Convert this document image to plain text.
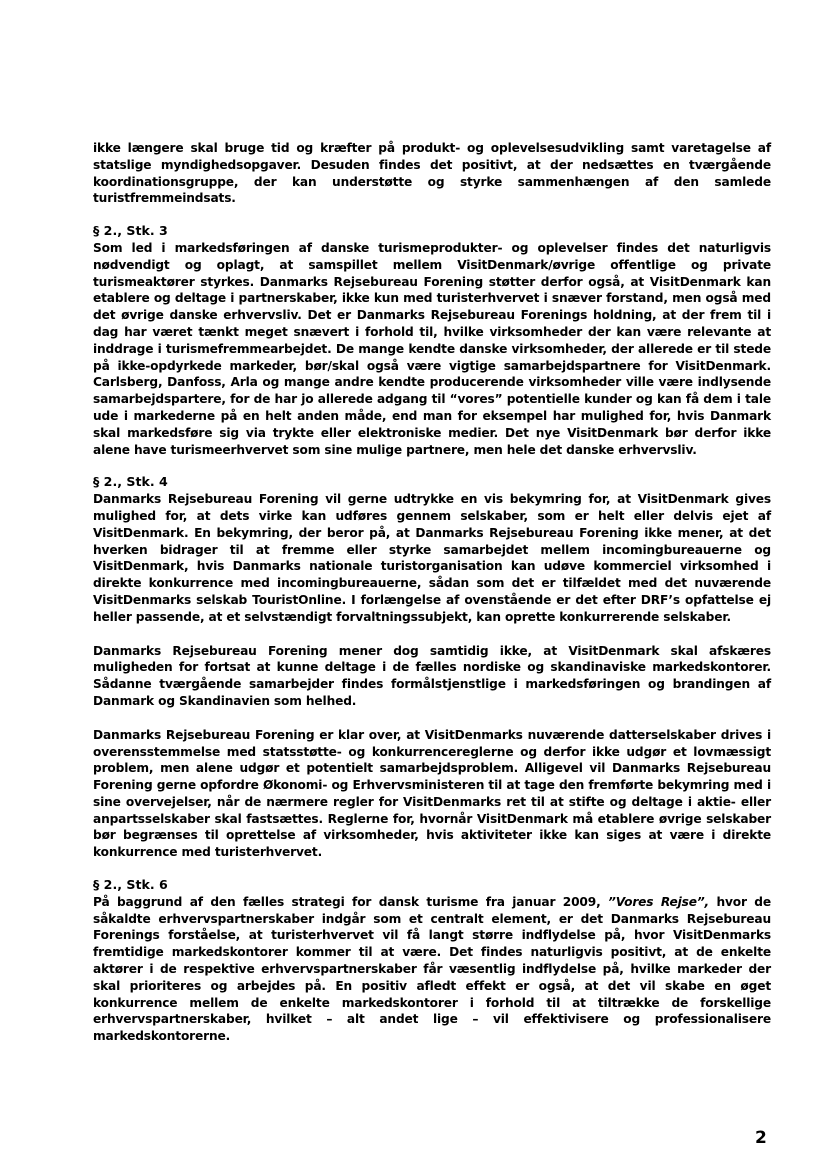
ikke længere skal bruge tid og kræfter på produkt- og oplevelsesudvikling samt varetagelse af statslige myndighedsopgaver. Desuden findes det positivt, at der nedsættes en tværgående koordinationsgruppe, der kan understøtte og styrke sammenhængen af den samlede turistfremmeindsats.

§ 2., Stk. 3

Som led i markedsføringen af danske turismeprodukter- og oplevelser findes det naturligvis nødvendigt og oplagt, at samspillet mellem VisitDenmark/øvrige offentlige og private turismeaktører styrkes. Danmarks Rejsebureau Forening støtter derfor også, at VisitDenmark kan etablere og deltage i partnerskaber, ikke kun med turisterhvervet i snæver forstand, men også med det øvrige danske erhvervsliv. Det er Danmarks Rejsebureau Forenings holdning, at der frem til i dag har været tænkt meget snævert i forhold til, hvilke virksomheder der kan være relevante at inddrage i turismefremmearbejdet. De mange kendte danske virksomheder, der allerede er til stede på ikke-opdyrkede markeder, bør/skal også være vigtige samarbejdspartnere for VisitDenmark. Carlsberg, Danfoss, Arla og mange andre kendte producerende virksomheder ville være indlysende samarbejdspartere, for de har jo allerede adgang til “vores” potentielle kunder og kan få dem i tale ude i markederne på en helt anden måde, end man for eksempel har mulighed for, hvis Danmark skal markedsføre sig via trykte eller elektroniske medier. Det nye VisitDenmark bør derfor ikke alene have turismeerhvervet som sine mulige partnere, men hele det danske erhvervsliv.

§ 2., Stk. 4

Danmarks Rejsebureau Forening vil gerne udtrykke en vis bekymring for, at VisitDenmark gives mulighed for, at dets virke kan udføres gennem selskaber, som er helt eller delvis ejet af VisitDenmark. En bekymring, der beror på, at Danmarks Rejsebureau Forening ikke mener, at det hverken bidrager til at fremme eller styrke samarbejdet mellem incomingbureauerne og VisitDenmark, hvis Danmarks nationale turistorganisation kan udøve kommerciel virksomhed i direkte konkurrence med incomingbureauerne, sådan som det er tilfældet med det nuværende VisitDenmarks selskab TouristOnline. I forlængelse af ovenstående er det efter DRF’s opfattelse ej heller passende, at et selvstændigt forvaltningssubjekt, kan oprette konkurrerende selskaber.

Danmarks Rejsebureau Forening mener dog samtidig ikke, at VisitDenmark skal afskæres muligheden for fortsat at kunne deltage i de fælles nordiske og skandinaviske markedskontorer. Sådanne tværgående samarbejder findes formålstjenstlige i markedsføringen og brandingen af Danmark og Skandinavien som helhed.

Danmarks Rejsebureau Forening er klar over, at VisitDenmarks nuværende datterselskaber drives i overensstemmelse med statsstøtte- og konkurrencereglerne og derfor ikke udgør et lovmæssigt problem, men alene udgør et potentielt samarbejdsproblem. Alligevel vil Danmarks Rejsebureau Forening gerne opfordre Økonomi- og Erhvervsministeren til at tage den fremførte bekymring med i sine overvejelser, når de nærmere regler for VisitDenmarks ret til at stifte og deltage i aktie- eller anpartsselskaber skal fastsættes. Reglerne for, hvornår VisitDenmark må etablere øvrige selskaber bør begrænses til oprettelse af virksomheder, hvis aktiviteter ikke kan siges at være i direkte konkurrence med turisterhvervet.

§ 2., Stk. 6

På baggrund af den fælles strategi for dansk turisme fra januar 2009, ”Vores Rejse”, hvor de såkaldte erhvervspartnerskaber indgår som et centralt element, er det Danmarks Rejsebureau Forenings forståelse, at turisterhvervet vil få langt større indflydelse på, hvor VisitDenmarks fremtidige markedskontorer kommer til at være. Det findes naturligvis positivt, at de enkelte aktører i de respektive erhvervspartnerskaber får væsentlig indflydelse på, hvilke markeder der skal prioriteres og arbejdes på. En positiv afledt effekt er også, at det vil skabe en øget konkurrence mellem de enkelte markedskontorer i forhold til at tiltrække de forskellige erhvervspartnerskaber, hvilket – alt andet lige – vil effektivisere og professionalisere markedskontorerne.

2
